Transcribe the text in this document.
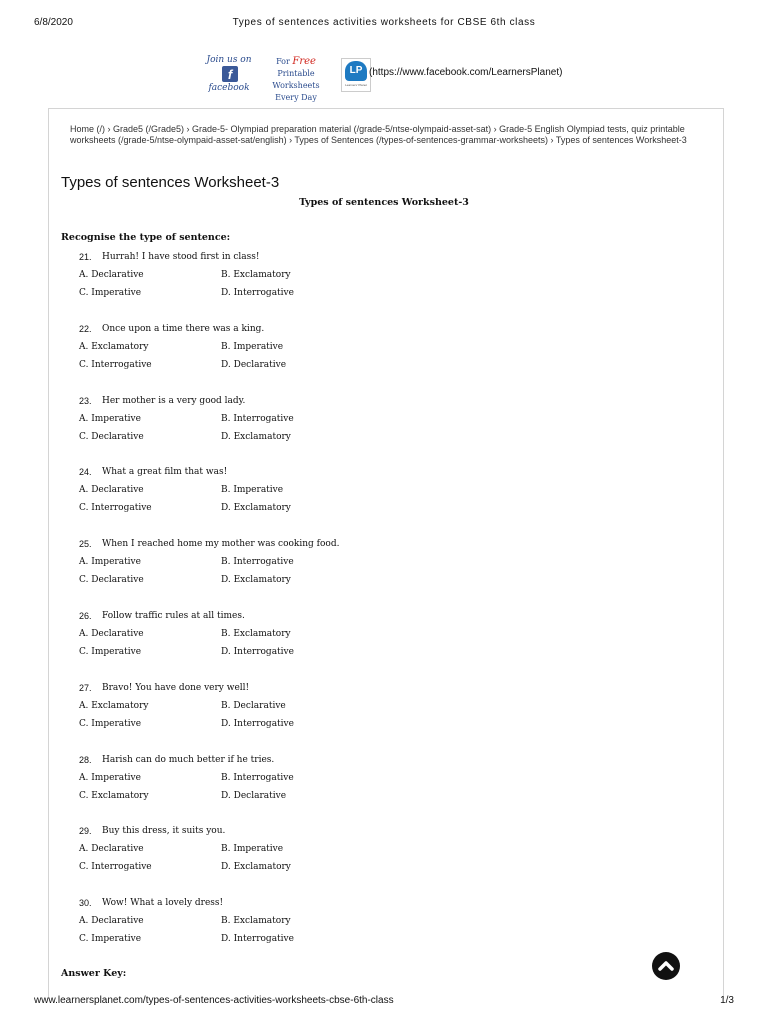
6/8/2020	Types of sentences activities worksheets for CBSE 6th class
Join us on
f
facebook
For Free
Printable Worksheets
Every Day
LP
Learners' Planet
(https://www.facebook.com/LearnersPlanet)
Home (/) › Grade5 (/Grade5) › Grade-5- Olympiad preparation material (/grade-5/ntse-olympaid-asset-sat) › Grade-5 English Olympiad tests, quiz printable worksheets (/grade-5/ntse-olympaid-asset-sat/english) › Types of Sentences (/types-of-sentences-grammar-worksheets) › Types of sentences Worksheet-3
Types of sentences Worksheet-3
Types of sentences Worksheet-3
Recognise the type of sentence:
21. Hurrah! I have stood first in class!
A. Declarative	B. Exclamatory
C. Imperative	D. Interrogative
22. Once upon a time there was a king.
A. Exclamatory	B. Imperative
C. Interrogative	D. Declarative
23. Her mother is a very good lady.
A. Imperative	B. Interrogative
C. Declarative	D. Exclamatory
24. What a great film that was!
A. Declarative	B. Imperative
C. Interrogative	D. Exclamatory
25. When I reached home my mother was cooking food.
A. Imperative	B. Interrogative
C. Declarative	D. Exclamatory
26. Follow traffic rules at all times.
A. Declarative	B. Exclamatory
C. Imperative	D. Interrogative
27. Bravo! You have done very well!
A. Exclamatory	B. Declarative
C. Imperative	D. Interrogative
28. Harish can do much better if he tries.
A. Imperative	B. Interrogative
C. Exclamatory	D. Declarative
29. Buy this dress, it suits you.
A. Declarative	B. Imperative
C. Interrogative	D. Exclamatory
30. Wow! What a lovely dress!
A. Declarative	B. Exclamatory
C. Imperative	D. Interrogative
Answer Key:
www.learnersplanet.com/types-of-sentences-activities-worksheets-cbse-6th-class	1/3
